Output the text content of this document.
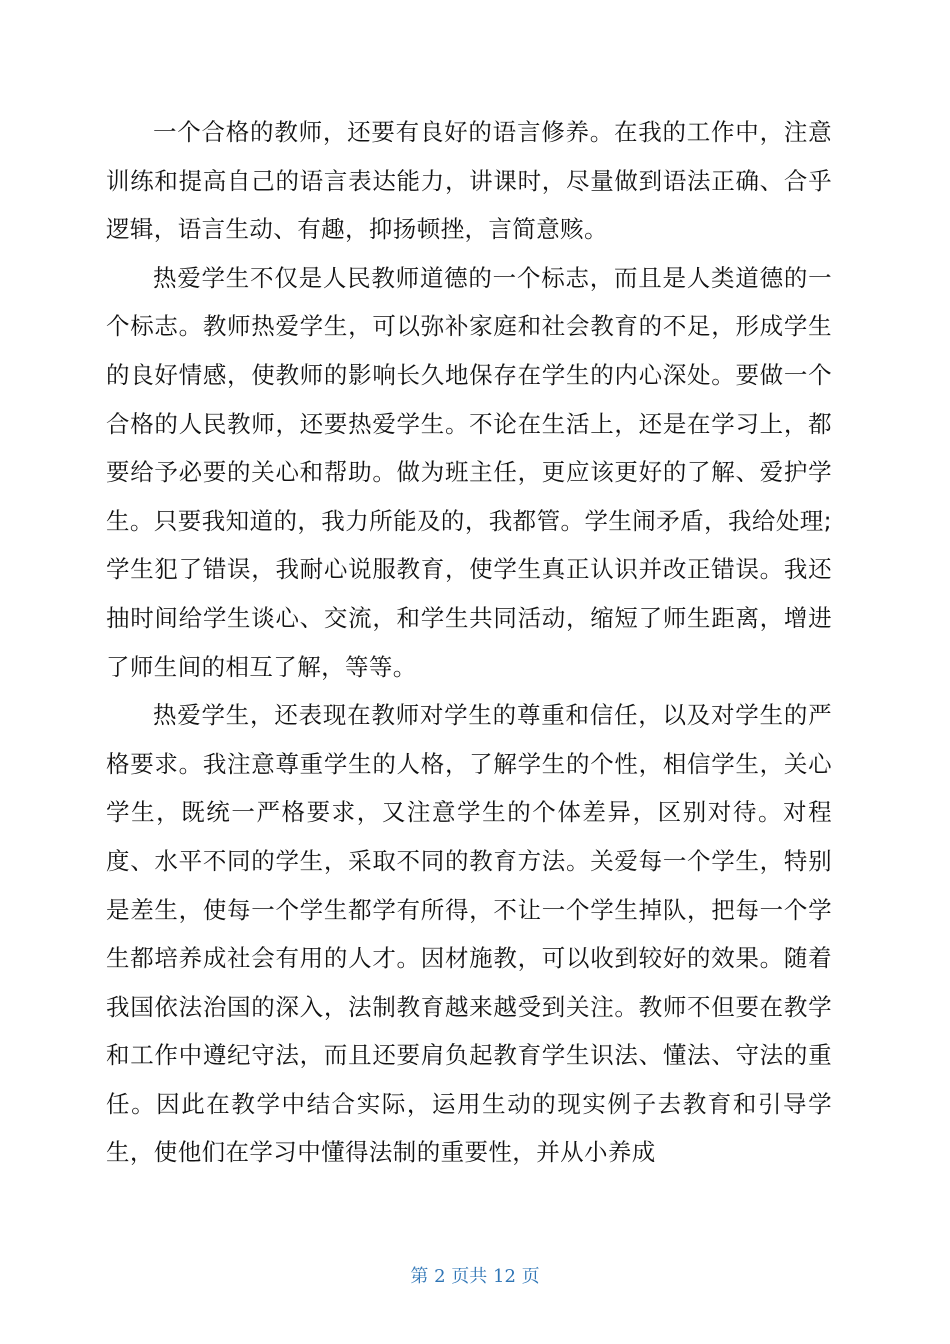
一个合格的教师，还要有良好的语言修养。在我的工作中，注意训练和提高自己的语言表达能力，讲课时，尽量做到语法正确、合乎逻辑，语言生动、有趣，抑扬顿挫，言简意赅。

热爱学生不仅是人民教师道德的一个标志，而且是人类道德的一个标志。教师热爱学生，可以弥补家庭和社会教育的不足，形成学生的良好情感，使教师的影响长久地保存在学生的内心深处。要做一个合格的人民教师，还要热爱学生。不论在生活上，还是在学习上，都要给予必要的关心和帮助。做为班主任，更应该更好的了解、爱护学生。只要我知道的，我力所能及的，我都管。学生闹矛盾，我给处理;学生犯了错误，我耐心说服教育，使学生真正认识并改正错误。我还抽时间给学生谈心、交流，和学生共同活动，缩短了师生距离，增进了师生间的相互了解，等等。

热爱学生，还表现在教师对学生的尊重和信任，以及对学生的严格要求。我注意尊重学生的人格，了解学生的个性，相信学生，关心学生，既统一严格要求，又注意学生的个体差异，区别对待。对程度、水平不同的学生，采取不同的教育方法。关爱每一个学生，特别是差生，使每一个学生都学有所得，不让一个学生掉队，把每一个学生都培养成社会有用的人才。因材施教，可以收到较好的效果。随着我国依法治国的深入，法制教育越来越受到关注。教师不但要在教学和工作中遵纪守法，而且还要肩负起教育学生识法、懂法、守法的重任。因此在教学中结合实际，运用生动的现实例子去教育和引导学生，使他们在学习中懂得法制的重要性，并从小养成

第 2 页共 12 页
